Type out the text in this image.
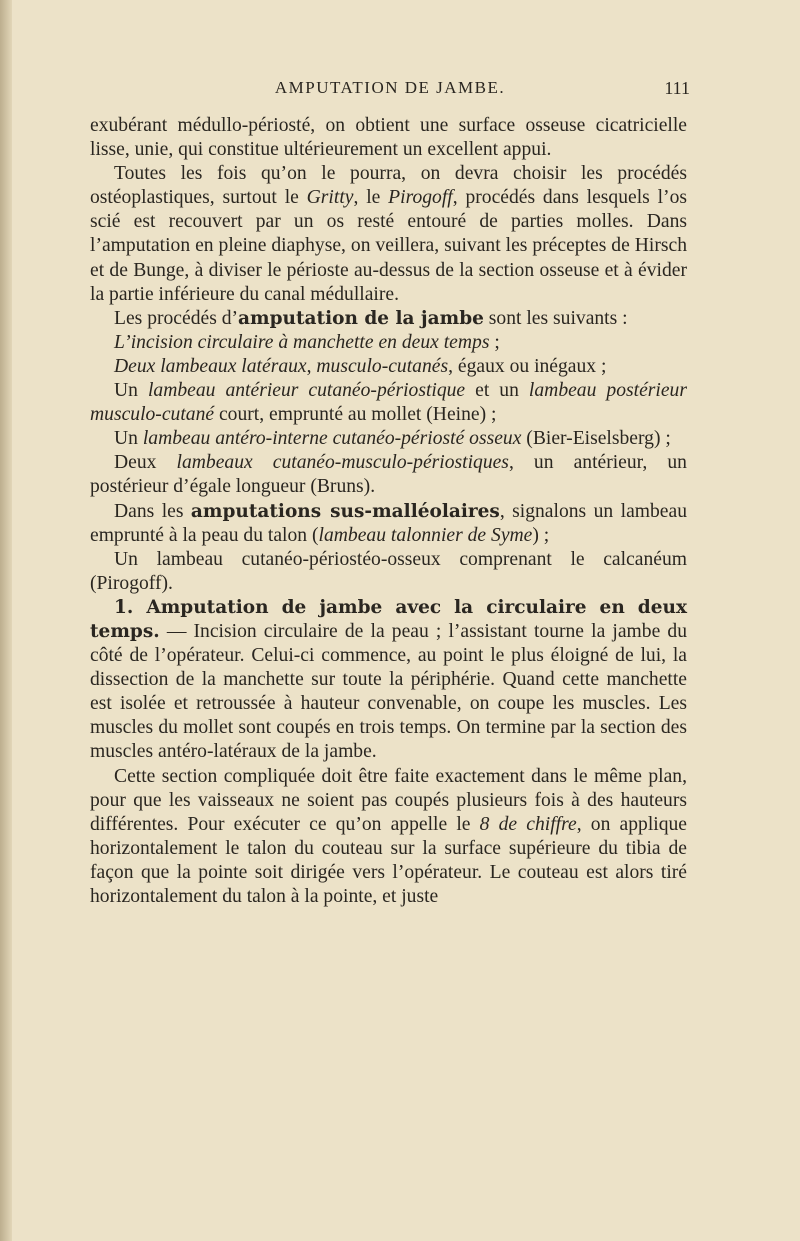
AMPUTATION DE JAMBE.	111

exubérant médullo-périosté, on obtient une surface osseuse cicatricielle lisse, unie, qui constitue ultérieurement un excellent appui.

Toutes les fois qu’on le pourra, on devra choisir les procédés ostéoplastiques, surtout le Gritty, le Pirogoff, procédés dans lesquels l’os scié est recouvert par un os resté entouré de parties molles. Dans l’amputation en pleine diaphyse, on veillera, suivant les préceptes de Hirsch et de Bunge, à diviser le périoste au-dessus de la section osseuse et à évider la partie inférieure du canal médullaire.

Les procédés d’amputation de la jambe sont les suivants :

L’incision circulaire à manchette en deux temps ;

Deux lambeaux latéraux, musculo-cutanés, égaux ou inégaux ;

Un lambeau antérieur cutanéo-périostique et un lambeau postérieur musculo-cutané court, emprunté au mollet (Heine) ;

Un lambeau antéro-interne cutanéo-périosté osseux (Bier-Eiselsberg) ;

Deux lambeaux cutanéo-musculo-périostiques, un antérieur, un postérieur d’égale longueur (Bruns).

Dans les amputations sus-malléolaires, signalons un lambeau emprunté à la peau du talon (lambeau talonnier de Syme) ;

Un lambeau cutanéo-périostéo-osseux comprenant le calcanéum (Pirogoff).

1. Amputation de jambe avec la circulaire en deux temps. — Incision circulaire de la peau ; l’assistant tourne la jambe du côté de l’opérateur. Celui-ci commence, au point le plus éloigné de lui, la dissection de la manchette sur toute la périphérie. Quand cette manchette est isolée et retroussée à hauteur convenable, on coupe les muscles. Les muscles du mollet sont coupés en trois temps. On termine par la section des muscles antéro-latéraux de la jambe.

Cette section compliquée doit être faite exactement dans le même plan, pour que les vaisseaux ne soient pas coupés plusieurs fois à des hauteurs différentes. Pour exécuter ce qu’on appelle le 8 de chiffre, on applique horizontalement le talon du couteau sur la surface supérieure du tibia de façon que la pointe soit dirigée vers l’opérateur. Le couteau est alors tiré horizontalement du talon à la pointe, et juste
